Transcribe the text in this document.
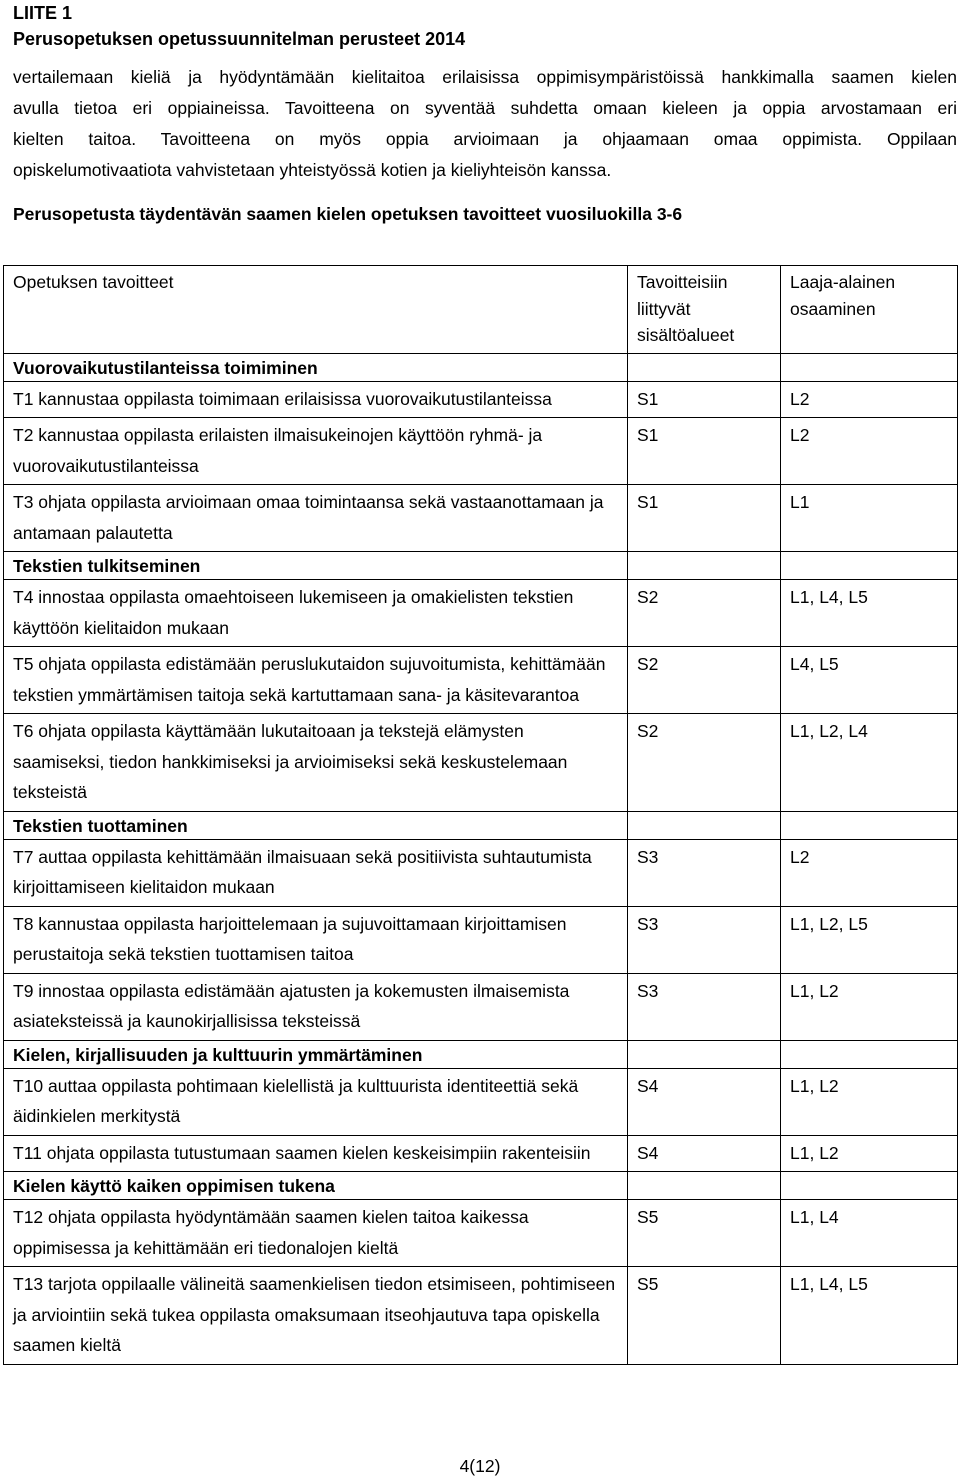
LIITE 1
Perusopetuksen opetussuunnitelman perusteet 2014
vertailemaan kieliä ja hyödyntämään kielitaitoa erilaisissa oppimisympäristöissä hankkimalla saamen kielen
avulla tietoa eri oppiaineissa. Tavoitteena on syventää suhdetta omaan kieleen ja oppia arvostamaan eri
kielten taitoa. Tavoitteena on myös oppia arvioimaan ja ohjaamaan omaa oppimista. Oppilaan
opiskelumotivaatiota vahvistetaan yhteistyössä kotien ja kieliyhteisön kanssa.
Perusopetusta täydentävän saamen kielen opetuksen tavoitteet vuosiluokilla 3-6
Opetuksen tavoitteet	Tavoitteisiin liittyvät sisältöalueet	Laaja-alainen osaaminen
Vuorovaikutustilanteissa toimiminen		
T1 kannustaa oppilasta toimimaan erilaisissa vuorovaikutustilanteissa	S1	L2
T2 kannustaa oppilasta erilaisten ilmaisukeinojen käyttöön ryhmä- ja vuorovaikutustilanteissa	S1	L2
T3 ohjata oppilasta arvioimaan omaa toimintaansa sekä vastaanottamaan ja antamaan palautetta	S1	L1
Tekstien tulkitseminen		
T4 innostaa oppilasta omaehtoiseen lukemiseen ja omakielisten tekstien käyttöön kielitaidon mukaan	S2	L1, L4, L5
T5 ohjata oppilasta edistämään peruslukutaidon sujuvoitumista, kehittämään tekstien ymmärtämisen taitoja sekä kartuttamaan sana- ja käsitevarantoa	S2	L4, L5
T6 ohjata oppilasta käyttämään lukutaitoaan ja tekstejä elämysten saamiseksi, tiedon hankkimiseksi ja arvioimiseksi sekä keskustelemaan teksteistä	S2	L1, L2, L4
Tekstien tuottaminen		
T7 auttaa oppilasta kehittämään ilmaisuaan sekä positiivista suhtautumista kirjoittamiseen kielitaidon mukaan	S3	L2
T8 kannustaa oppilasta harjoittelemaan ja sujuvoittamaan kirjoittamisen perustaitoja sekä tekstien tuottamisen taitoa	S3	L1, L2, L5
T9 innostaa oppilasta edistämään ajatusten ja kokemusten ilmaisemista asiateksteissä ja kaunokirjallisissa teksteissä	S3	L1, L2
Kielen, kirjallisuuden ja kulttuurin ymmärtäminen		
T10 auttaa oppilasta pohtimaan kielellistä ja kulttuurista identiteettiä sekä äidinkielen merkitystä	S4	L1, L2
T11 ohjata oppilasta tutustumaan saamen kielen keskeisimpiin rakenteisiin	S4	L1, L2
Kielen käyttö kaiken oppimisen tukena		
T12 ohjata oppilasta hyödyntämään saamen kielen taitoa kaikessa oppimisessa ja kehittämään eri tiedonalojen kieltä	S5	L1, L4
T13 tarjota oppilaalle välineitä saamenkielisen tiedon etsimiseen, pohtimiseen ja arviointiin sekä tukea oppilasta omaksumaan itseohjautuva tapa opiskella saamen kieltä	S5	L1, L4, L5
4(12)
